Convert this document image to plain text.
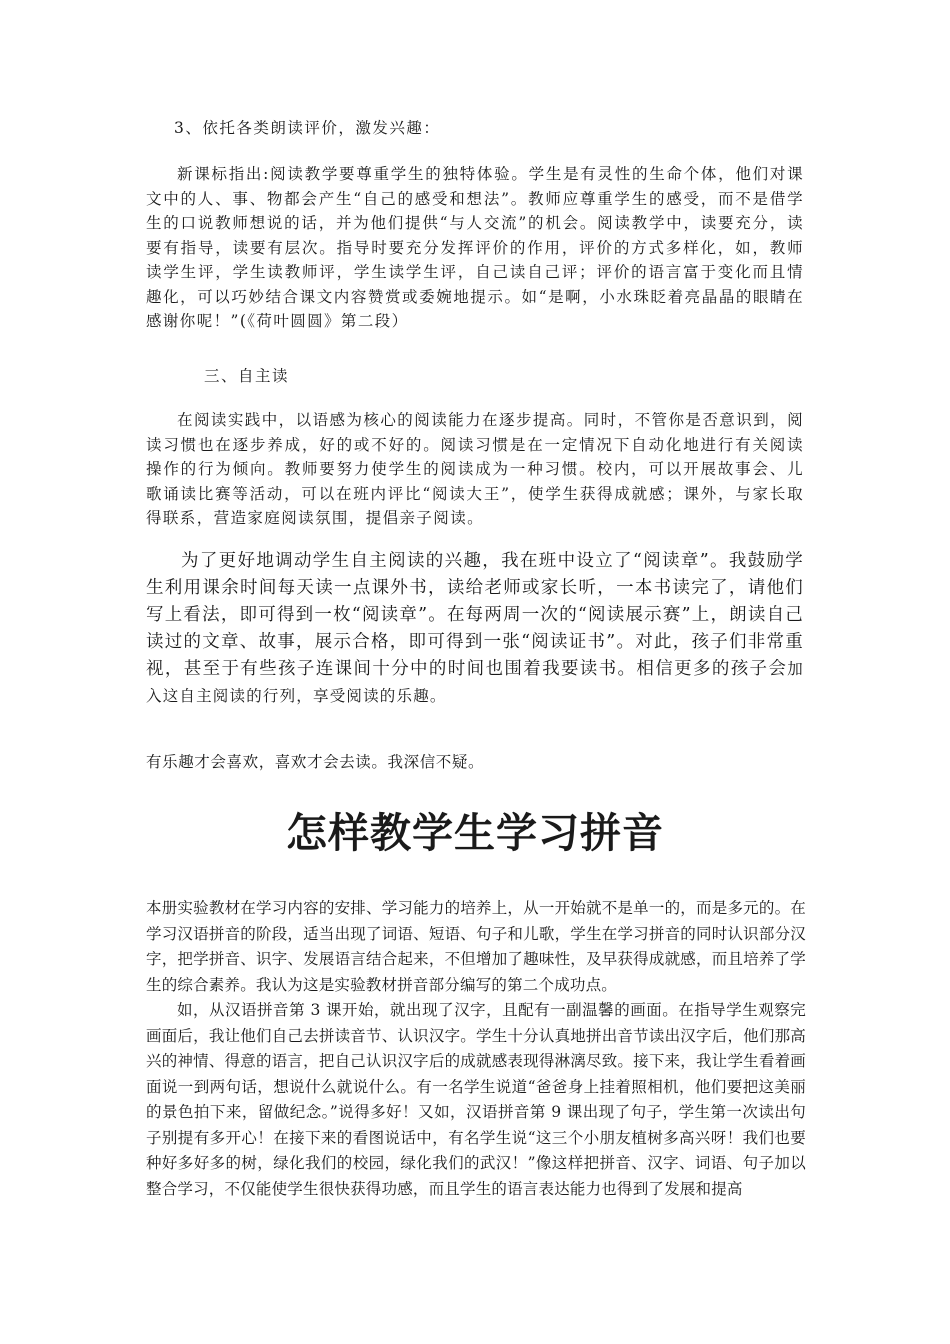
3、依托各类朗读评价，激发兴趣：

新课标指出:阅读教学要尊重学生的独特体验。学生是有灵性的生命个体，他们对课文中的人、事、物都会产生“自己的感受和想法”。教师应尊重学生的感受，而不是借学生的口说教师想说的话，并为他们提供“与人交流”的机会。阅读教学中，读要充分，读要有指导，读要有层次。指导时要充分发挥评价的作用，评价的方式多样化，如，教师读学生评，学生读教师评，学生读学生评，自己读自己评；评价的语言富于变化而且情趣化，可以巧妙结合课文内容赞赏或委婉地提示。如“是啊，小水珠眨着亮晶晶的眼睛在感谢你呢！”(《荷叶圆圆》第二段）

三、自主读

在阅读实践中，以语感为核心的阅读能力在逐步提高。同时，不管你是否意识到，阅读习惯也在逐步养成，好的或不好的。阅读习惯是在一定情况下自动化地进行有关阅读操作的行为倾向。教师要努力使学生的阅读成为一种习惯。校内，可以开展故事会、儿歌诵读比赛等活动，可以在班内评比“阅读大王”，使学生获得成就感；课外，与家长取得联系，营造家庭阅读氛围，提倡亲子阅读。

为了更好地调动学生自主阅读的兴趣，我在班中设立了“阅读章”。我鼓励学生利用课余时间每天读一点课外书，读给老师或家长听，一本书读完了，请他们写上看法，即可得到一枚“阅读章”。在每两周一次的“阅读展示赛”上，朗读自己读过的文章、故事，展示合格，即可得到一张“阅读证书”。对此，孩子们非常重视，甚至于有些孩子连课间十分中的时间也围着我要读书。相信更多的孩子会加入这自主阅读的行列，享受阅读的乐趣。

有乐趣才会喜欢，喜欢才会去读。我深信不疑。

怎样教学生学习拼音

本册实验教材在学习内容的安排、学习能力的培养上，从一开始就不是单一的，而是多元的。在学习汉语拼音的阶段，适当出现了词语、短语、句子和儿歌，学生在学习拼音的同时认识部分汉字，把学拼音、识字、发展语言结合起来，不但增加了趣味性，及早获得成就感，而且培养了学生的综合素养。我认为这是实验教材拼音部分编写的第二个成功点。

如，从汉语拼音第 3 课开始，就出现了汉字，且配有一副温馨的画面。在指导学生观察完画面后，我让他们自己去拼读音节、认识汉字。学生十分认真地拼出音节读出汉字后，他们那高兴的神情、得意的语言，把自己认识汉字后的成就感表现得淋漓尽致。接下来，我让学生看着画面说一到两句话，想说什么就说什么。有一名学生说道“爸爸身上挂着照相机，他们要把这美丽的景色拍下来，留做纪念。”说得多好！又如，汉语拼音第 9 课出现了句子，学生第一次读出句子别提有多开心！在接下来的看图说话中，有名学生说“这三个小朋友植树多高兴呀！我们也要种好多好多的树，绿化我们的校园，绿化我们的武汉！”像这样把拼音、汉字、词语、句子加以整合学习，不仅能使学生很快获得功感，而且学生的语言表达能力也得到了发展和提高
